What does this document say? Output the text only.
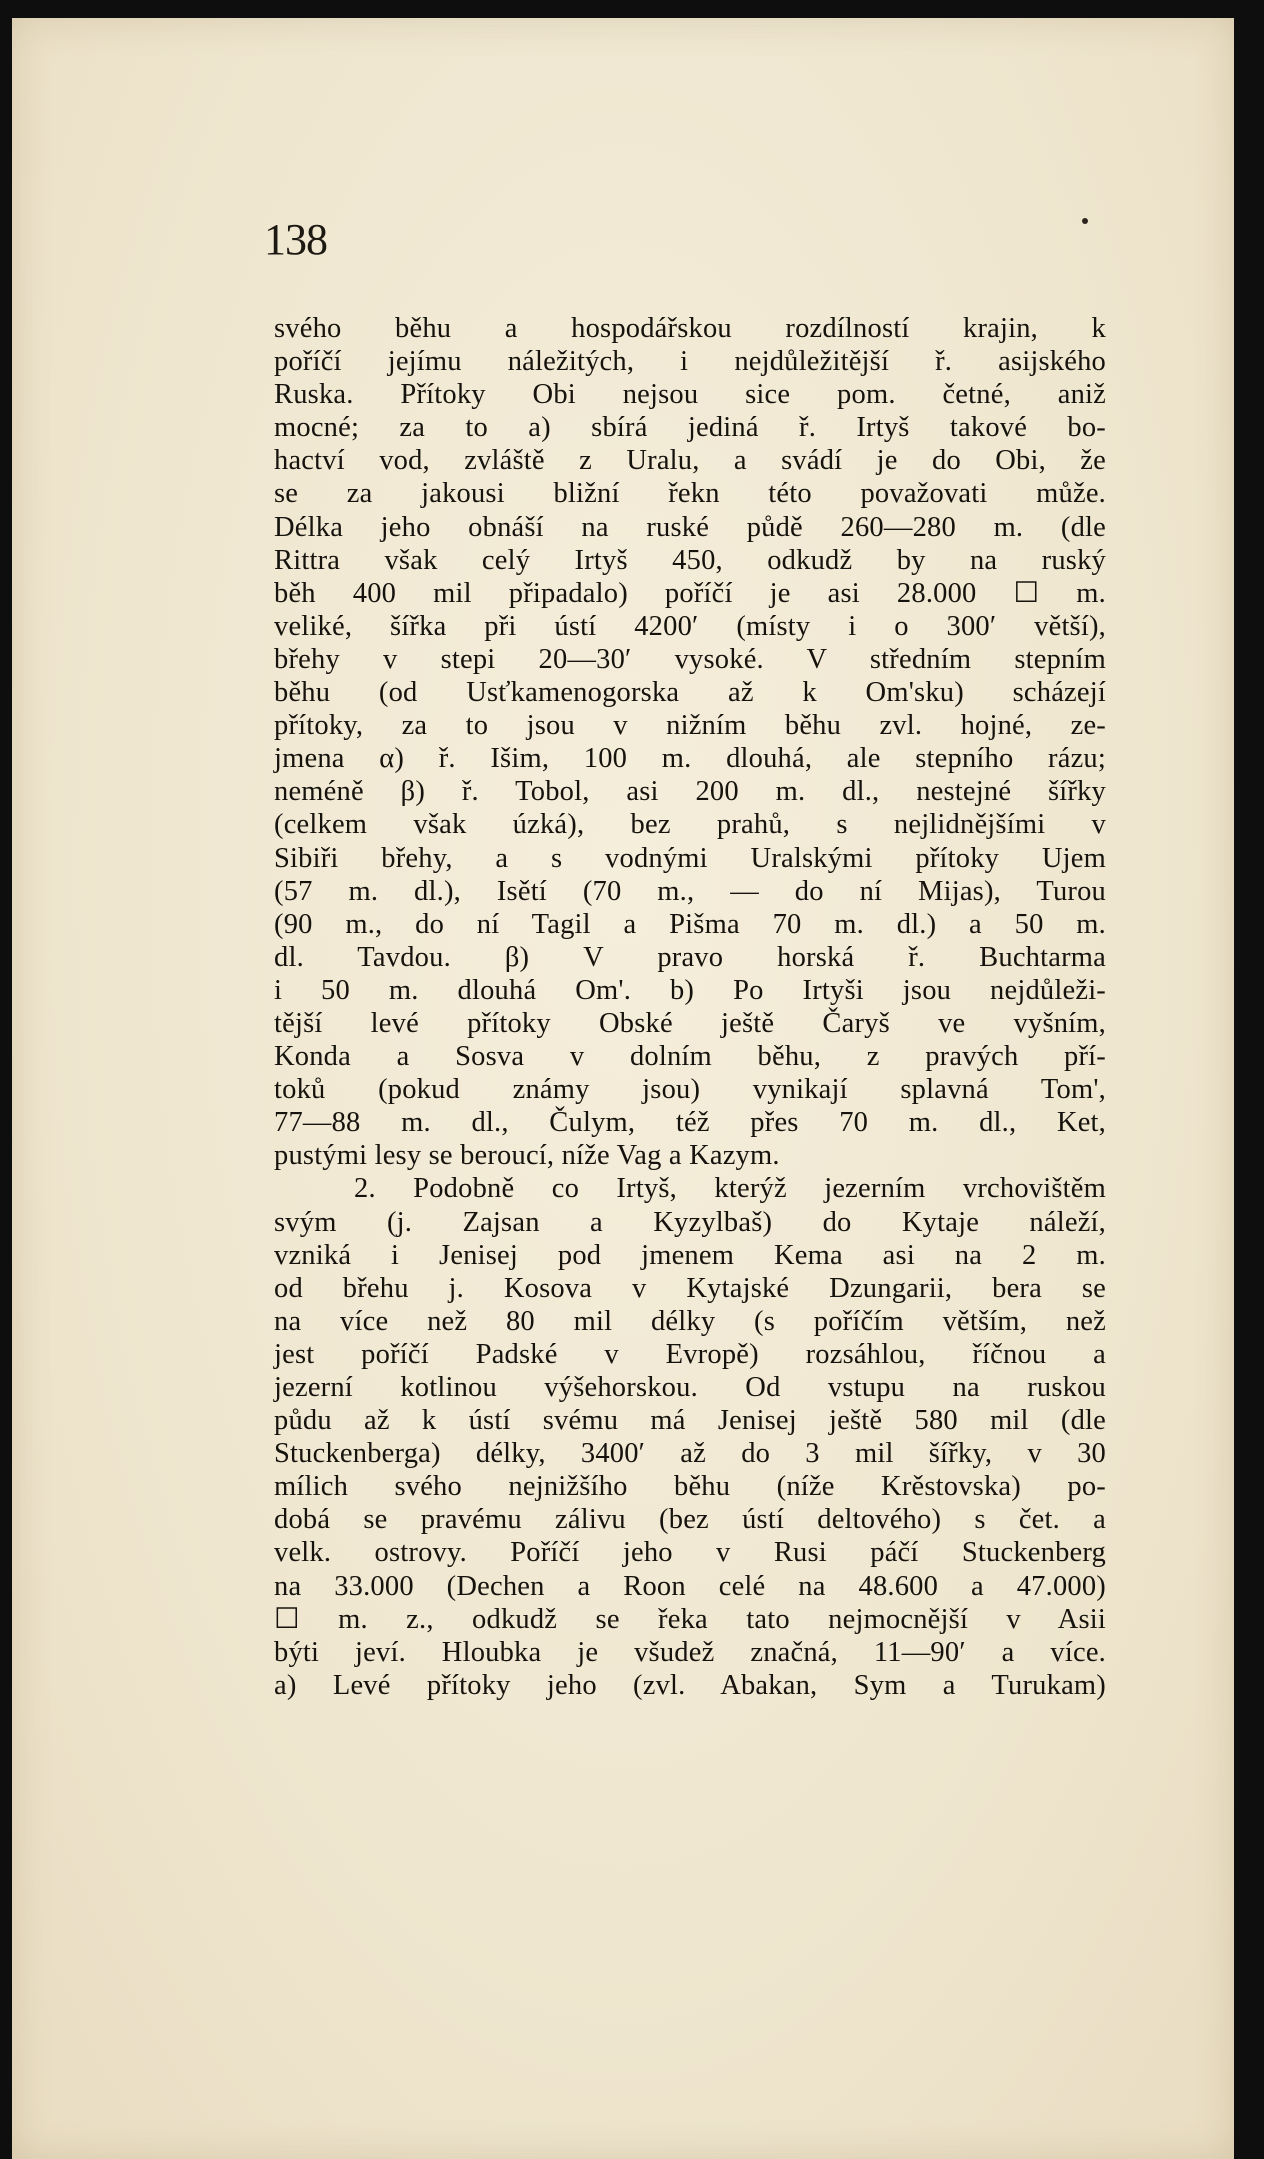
138
svého běhu a hospodářskou rozdílností krajin, k
poříčí jejímu náležitých, i nejdůležitější ř. asijského
Ruska. Přítoky Obi nejsou sice pom. četné, aniž
mocné; za to a) sbírá jediná ř. Irtyš takové bo-
hactví vod, zvláště z Uralu, a svádí je do Obi, že
se za jakousi bližní řekn této považovati může.
Délka jeho obnáší na ruské půdě 260—280 m. (dle
Rittra však celý Irtyš 450, odkudž by na ruský
běh 400 mil připadalo) poříčí je asi 28.000 ☐ m.
veliké, šířka při ústí 4200′ (místy i o 300′ větší),
břehy v stepi 20—30′ vysoké. V středním stepním
běhu (od Usťkamenogorska až k Om'sku) scházejí
přítoky, za to jsou v nižním běhu zvl. hojné, ze-
jmena α) ř. Išim, 100 m. dlouhá, ale stepního rázu;
neméně β) ř. Tobol, asi 200 m. dl., nestejné šířky
(celkem však úzká), bez prahů, s nejlidnějšími v
Sibiři břehy, a s vodnými Uralskými přítoky Ujem
(57 m. dl.), Isětí (70 m., — do ní Mijas), Turou
(90 m., do ní Tagil a Pišma 70 m. dl.) a 50 m.
dl. Tavdou. β) V pravo horská ř. Buchtarma
i 50 m. dlouhá Om'. b) Po Irtyši jsou nejdůleži-
tější levé přítoky Obské ještě Čaryš ve vyšním,
Konda a Sosva v dolním běhu, z pravých pří-
toků (pokud známy jsou) vynikají splavná Tom',
77—88 m. dl., Čulym, též přes 70 m. dl., Ket,
pustými lesy se beroucí, níže Vag a Kazym.
2. Podobně co Irtyš, kterýž jezerním vrchovištěm
svým (j. Zajsan a Kyzylbaš) do Kytaje náleží,
vzniká i Jenisej pod jmenem Kema asi na 2 m.
od břehu j. Kosova v Kytajské Dzungarii, bera se
na více než 80 mil délky (s poříčím větším, než
jest poříčí Padské v Evropě) rozsáhlou, říčnou a
jezerní kotlinou výšehorskou. Od vstupu na ruskou
půdu až k ústí svému má Jenisej ještě 580 mil (dle
Stuckenberga) délky, 3400′ až do 3 mil šířky, v 30
mílich svého nejnižšího běhu (níže Krěstovska) po-
dobá se pravému zálivu (bez ústí deltového) s čet. a
velk. ostrovy. Poříčí jeho v Rusi páčí Stuckenberg
na 33.000 (Dechen a Roon celé na 48.600 a 47.000)
☐ m. z., odkudž se řeka tato nejmocnější v Asii
býti jeví. Hloubka je všudež značná, 11—90′ a více.
a) Levé přítoky jeho (zvl. Abakan, Sym a Turukam)
